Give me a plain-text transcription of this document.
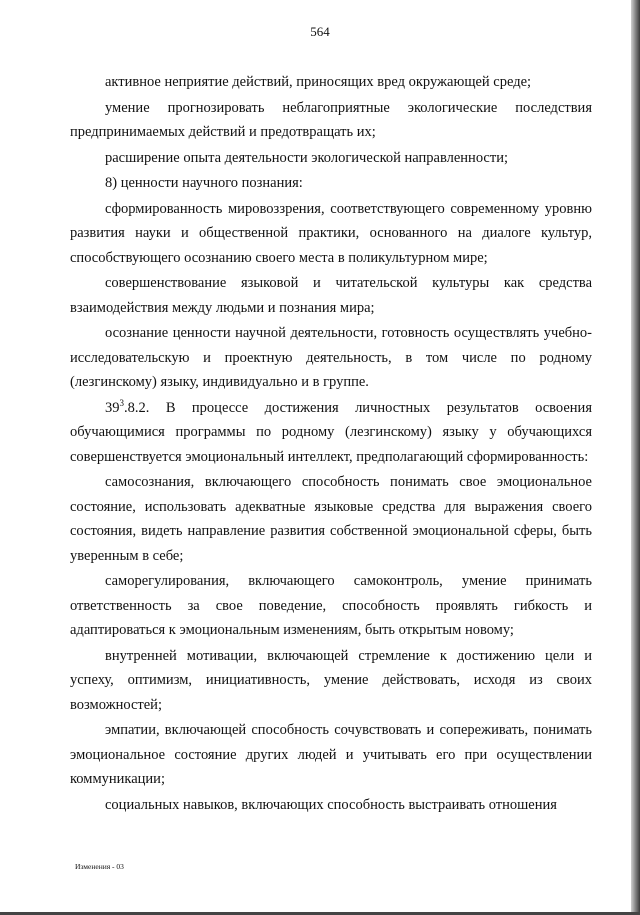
564

активное неприятие действий, приносящих вред окружающей среде;

умение прогнозировать неблагоприятные экологические последствия предпринимаемых действий и предотвращать их;

расширение опыта деятельности экологической направленности;

8) ценности научного познания:

сформированность мировоззрения, соответствующего современному уровню развития науки и общественной практики, основанного на диалоге культур, способствующего осознанию своего места в поликультурном мире;

совершенствование языковой и читательской культуры как средства взаимодействия между людьми и познания мира;

осознание ценности научной деятельности, готовность осуществлять учебно-исследовательскую и проектную деятельность, в том числе по родному (лезгинскому) языку, индивидуально и в группе.

$39^3.8.2$. В процессе достижения личностных результатов освоения обучающимися программы по родному (лезгинскому) языку у обучающихся совершенствуется эмоциональный интеллект, предполагающий сформированность:

самосознания, включающего способность понимать свое эмоциональное состояние, использовать адекватные языковые средства для выражения своего состояния, видеть направление развития собственной эмоциональной сферы, быть уверенным в себе;

саморегулирования, включающего самоконтроль, умение принимать ответственность за свое поведение, способность проявлять гибкость и адаптироваться к эмоциональным изменениям, быть открытым новому;

внутренней мотивации, включающей стремление к достижению цели и успеху, оптимизм, инициативность, умение действовать, исходя из своих возможностей;

эмпатии, включающей способность сочувствовать и сопереживать, понимать эмоциональное состояние других людей и учитывать его при осуществлении коммуникации;

социальных навыков, включающих способность выстраивать отношения

Изменения - 03
